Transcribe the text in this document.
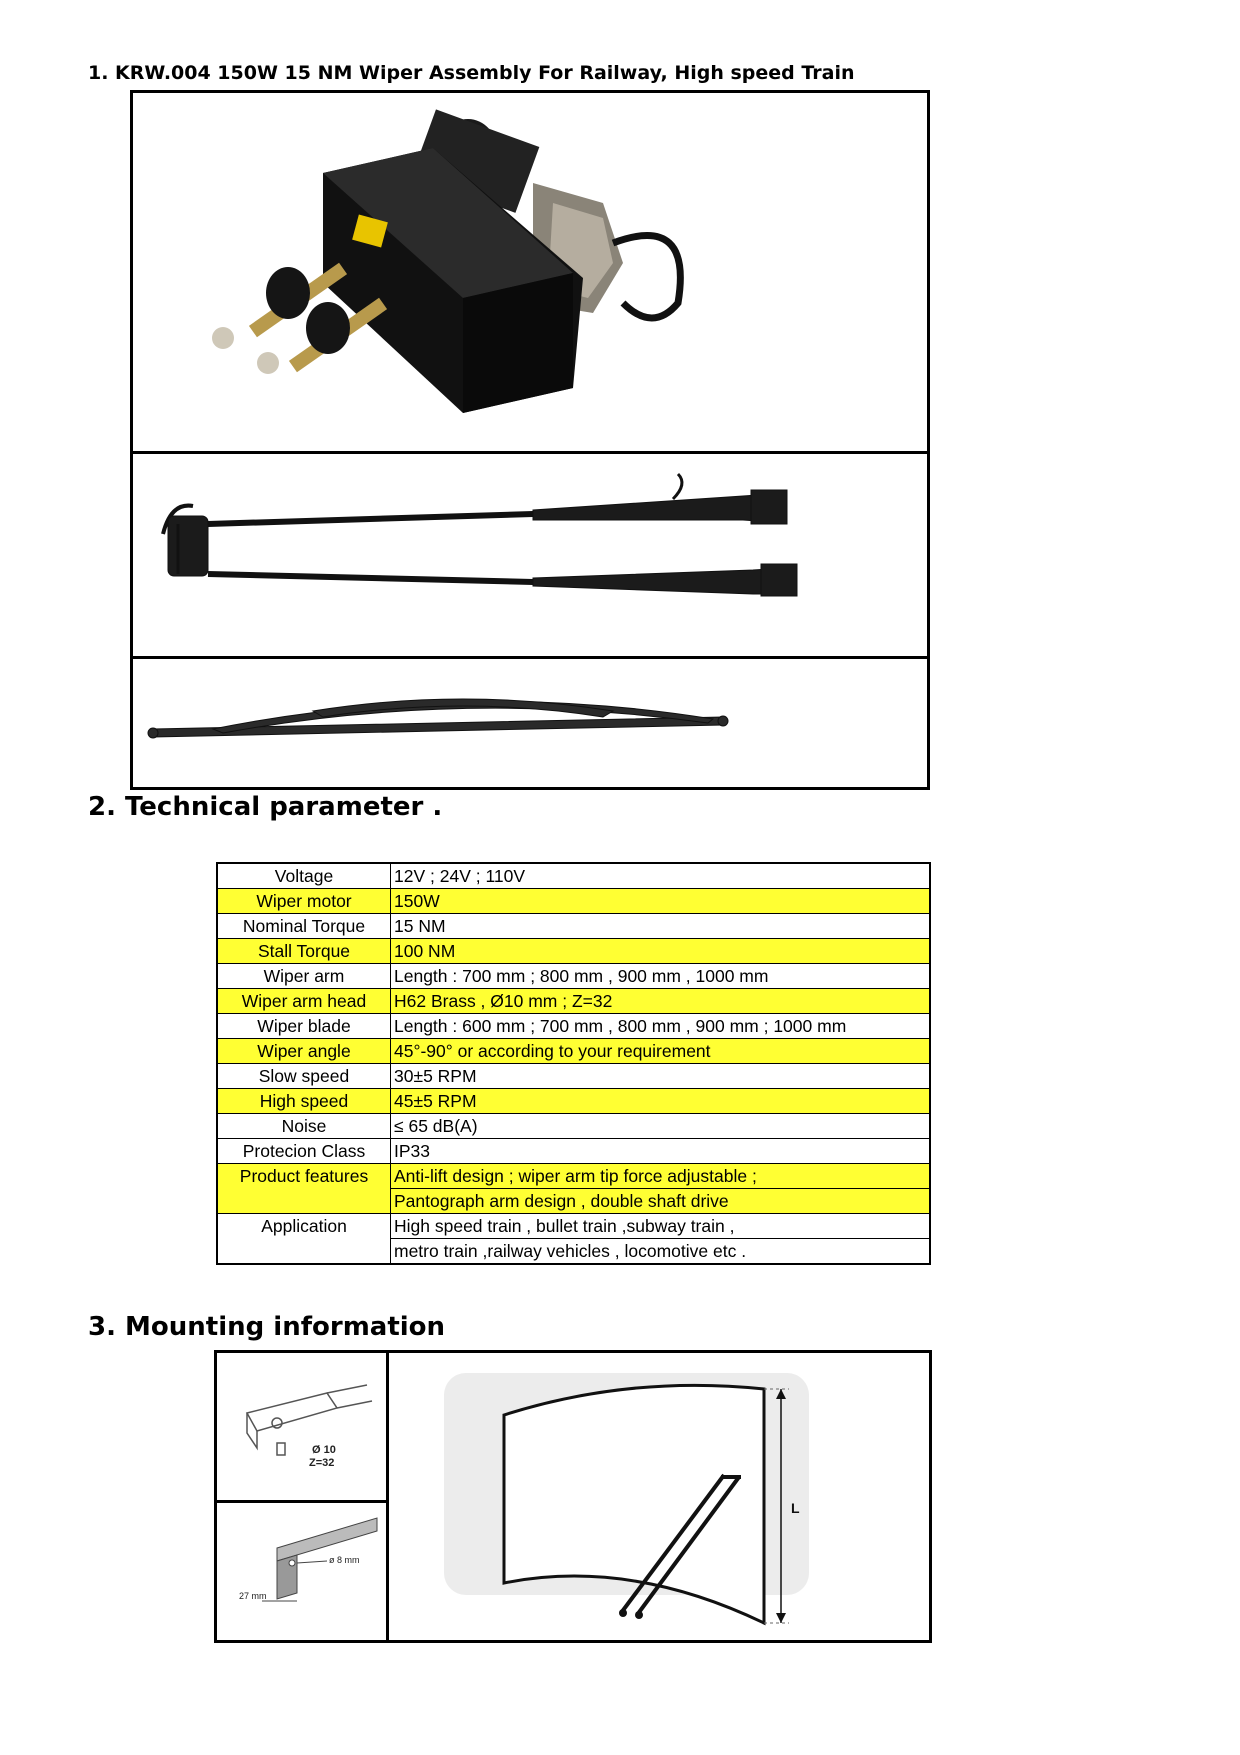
1. KRW.004 150W 15 NM Wiper Assembly For Railway, High speed Train
2. Technical parameter .
Voltage	12V ; 24V ; 110V
Wiper motor	150W
Nominal Torque	15 NM
Stall Torque	100 NM
Wiper arm	Length : 700 mm ; 800 mm , 900 mm , 1000 mm
Wiper arm head	H62 Brass , Ø10 mm ; Z=32
Wiper blade	Length : 600 mm ; 700 mm , 800 mm , 900 mm ; 1000 mm
Wiper angle	45°-90° or according to your requirement
Slow speed	30±5 RPM
High speed	45±5 RPM
Noise	≤ 65 dB(A)
Protecion Class	IP33
Product features	Anti-lift design ; wiper arm tip force adjustable ;
	Pantograph arm design , double shaft drive
Application	High speed train , bullet train ,subway train ,
	metro train ,railway vehicles , locomotive etc .
3. Mounting information
Ø 10
Z=32
ø 8 mm
27 mm
L
